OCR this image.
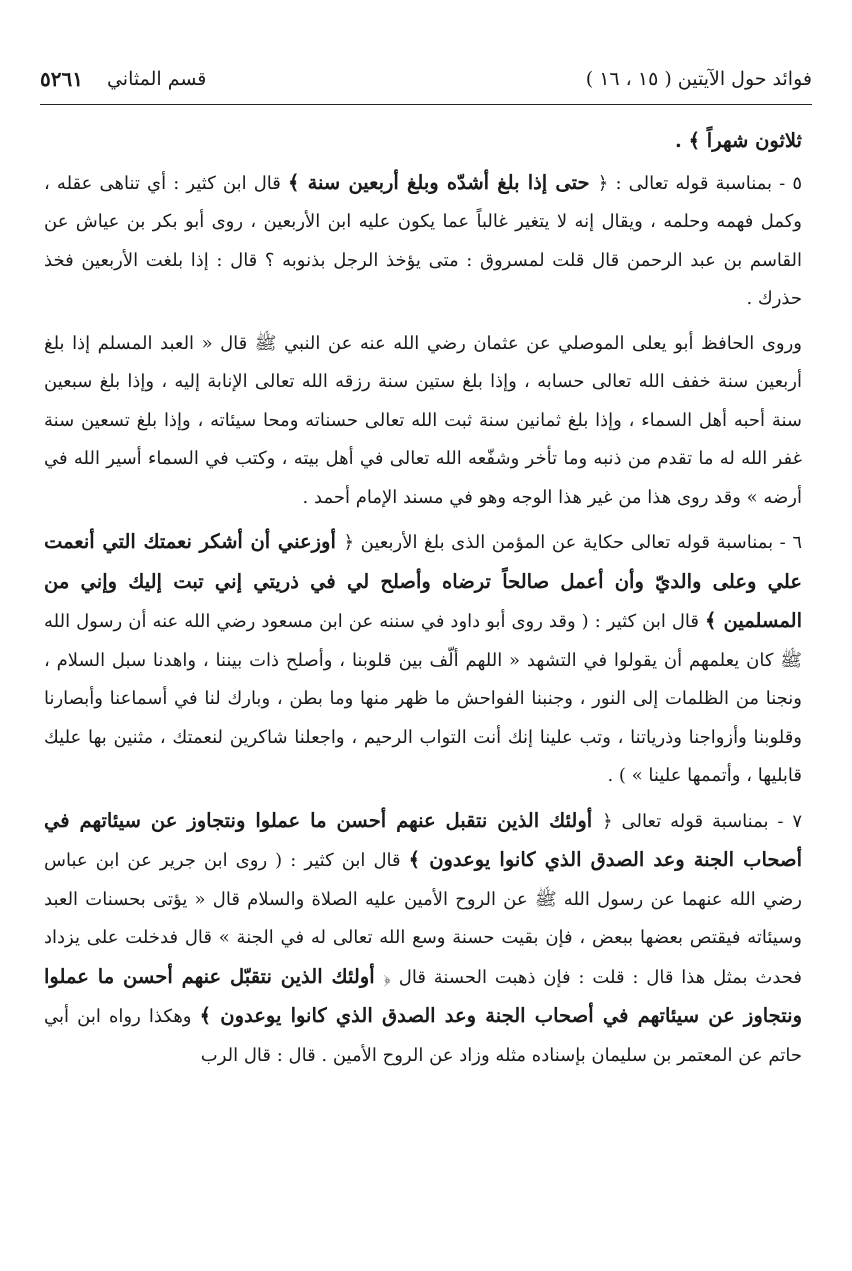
فوائد حول الآيتين ( ١٥ ، ١٦ )
قسم المثاني
٥٢٦١

ثلاثون شهراً ﴾ .

٥ - بمناسبة قوله تعالى : ﴿ حتى إذا بلغ أشدّه وبلغ أربعين سنة ﴾ قال ابن كثير : أي تناهى عقله ، وكمل فهمه وحلمه ، ويقال إنه لا يتغير غالباً عما يكون عليه ابن الأربعين ، روى أبو بكر بن عياش عن القاسم بن عبد الرحمن قال قلت لمسروق : متى يؤخذ الرجل بذنوبه ؟ قال : إذا بلغت الأربعين فخذ حذرك .

وروى الحافظ أبو يعلى الموصلي عن عثمان رضي الله عنه عن النبي ﷺ قال « العبد المسلم إذا بلغ أربعين سنة خفف الله تعالى حسابه ، وإذا بلغ ستين سنة رزقه الله تعالى الإنابة إليه ، وإذا بلغ سبعين سنة أحبه أهل السماء ، وإذا بلغ ثمانين سنة ثبت الله تعالى حسناته ومحا سيئاته ، وإذا بلغ تسعين سنة غفر الله له ما تقدم من ذنبه وما تأخر وشفّعه الله تعالى في أهل بيته ، وكتب في السماء أسير الله في أرضه » وقد روى هذا من غير هذا الوجه وهو في مسند الإمام أحمد .

٦ - بمناسبة قوله تعالى حكاية عن المؤمن الذى بلغ الأربعين ﴿ أوزعني أن أشكر نعمتك التي أنعمت علي وعلى والديّ وأن أعمل صالحاً ترضاه وأصلح لي في ذريتي إني تبت إليك وإني من المسلمين ﴾ قال ابن كثير : ( وقد روى أبو داود في سننه عن ابن مسعود رضي الله عنه أن رسول الله ﷺ كان يعلمهم أن يقولوا في التشهد « اللهم ألّف بين قلوبنا ، وأصلح ذات بيننا ، واهدنا سبل السلام ، ونجنا من الظلمات إلى النور ، وجنبنا الفواحش ما ظهر منها وما بطن ، وبارك لنا في أسماعنا وأبصارنا وقلوبنا وأزواجنا وذرياتنا ، وتب علينا إنك أنت التواب الرحيم ، واجعلنا شاكرين لنعمتك ، مثنين بها عليك قابليها ، وأتممها علينا » ) .

٧ - بمناسبة قوله تعالى ﴿ أولئك الذين نتقبل عنهم أحسن ما عملوا ونتجاوز عن سيئاتهم في أصحاب الجنة وعد الصدق الذي كانوا يوعدون ﴾ قال ابن كثير : ( روى ابن جرير عن ابن عباس رضي الله عنهما عن رسول الله ﷺ عن الروح الأمين عليه الصلاة والسلام قال « يؤتى بحسنات العبد وسيئاته فيقتص بعضها ببعض ، فإن بقيت حسنة وسع الله تعالى له في الجنة » قال فدخلت على يزداد فحدث بمثل هذا قال : قلت : فإن ذهبت الحسنة قال ﴿ أولئك الذين نتقبّل عنهم أحسن ما عملوا ونتجاوز عن سيئاتهم في أصحاب الجنة وعد الصدق الذي كانوا يوعدون ﴾ وهكذا رواه ابن أبي حاتم عن المعتمر بن سليمان بإسناده مثله وزاد عن الروح الأمين . قال : قال الرب
